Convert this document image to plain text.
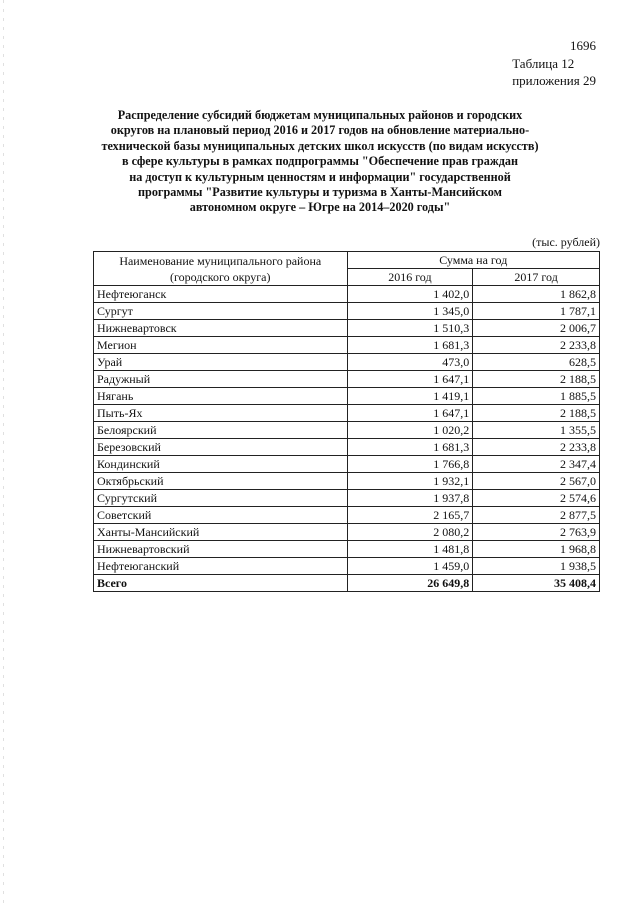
1696
Таблица 12
приложения 29
Распределение субсидий бюджетам муниципальных районов и городских
округов на плановый период 2016 и 2017 годов на обновление материально-
технической базы муниципальных детских школ искусств (по видам искусств)
в сфере культуры в рамках подпрограммы "Обеспечение прав граждан
на доступ к культурным ценностям и информации" государственной
программы "Развитие культуры и туризма в Ханты-Мансийском
автономном округе – Югре на 2014–2020 годы"
(тыс. рублей)
Наименование муниципального района
(городского округа)	Сумма на год	
	2016 год	2017 год
Нефтеюганск	1 402,0	1 862,8
Сургут	1 345,0	1 787,1
Нижневартовск	1 510,3	2 006,7
Мегион	1 681,3	2 233,8
Урай	473,0	628,5
Радужный	1 647,1	2 188,5
Нягань	1 419,1	1 885,5
Пыть-Ях	1 647,1	2 188,5
Белоярский	1 020,2	1 355,5
Березовский	1 681,3	2 233,8
Кондинский	1 766,8	2 347,4
Октябрьский	1 932,1	2 567,0
Сургутский	1 937,8	2 574,6
Советский	2 165,7	2 877,5
Ханты-Мансийский	2 080,2	2 763,9
Нижневартовский	1 481,8	1 968,8
Нефтеюганский	1 459,0	1 938,5
Всего	26 649,8	35 408,4
